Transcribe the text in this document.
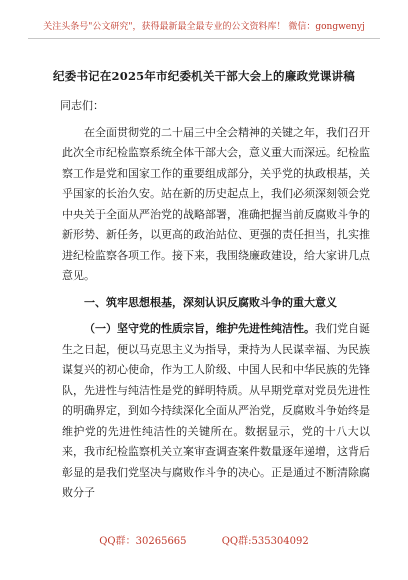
关注头条号"公文研究"，获得最新最全最专业的公文资料库！ 微信：gongwenyj
纪委书记在2025年市纪委机关干部大会上的廉政党课讲稿
同志们：

在全面贯彻党的二十届三中全会精神的关键之年，我们召开此次全市纪检监察系统全体干部大会，意义重大而深远。纪检监察工作是党和国家工作的重要组成部分，关乎党的执政根基，关乎国家的长治久安。站在新的历史起点上，我们必须深刻领会党中央关于全面从严治党的战略部署，准确把握当前反腐败斗争的新形势、新任务，以更高的政治站位、更强的责任担当，扎实推进纪检监察各项工作。接下来，我围绕廉政建设，给大家讲几点意见。

一、筑牢思想根基，深刻认识反腐败斗争的重大意义

（一）坚守党的性质宗旨，维护先进性纯洁性。我们党自诞生之日起，便以马克思主义为指导，秉持为人民谋幸福、为民族谋复兴的初心使命，作为工人阶级、中国人民和中华民族的先锋队，先进性与纯洁性是党的鲜明特质。从早期党章对党员先进性的明确界定，到如今持续深化全面从严治党，反腐败斗争始终是维护党的先进性纯洁性的关键所在。数据显示，党的十八大以来，我市纪检监察机关立案审查调查案件数量逐年递增，这背后彰显的是我们党坚决与腐败作斗争的决心。正是通过不断清除腐败分子

QQ群：30265665	QQ群:535304092
